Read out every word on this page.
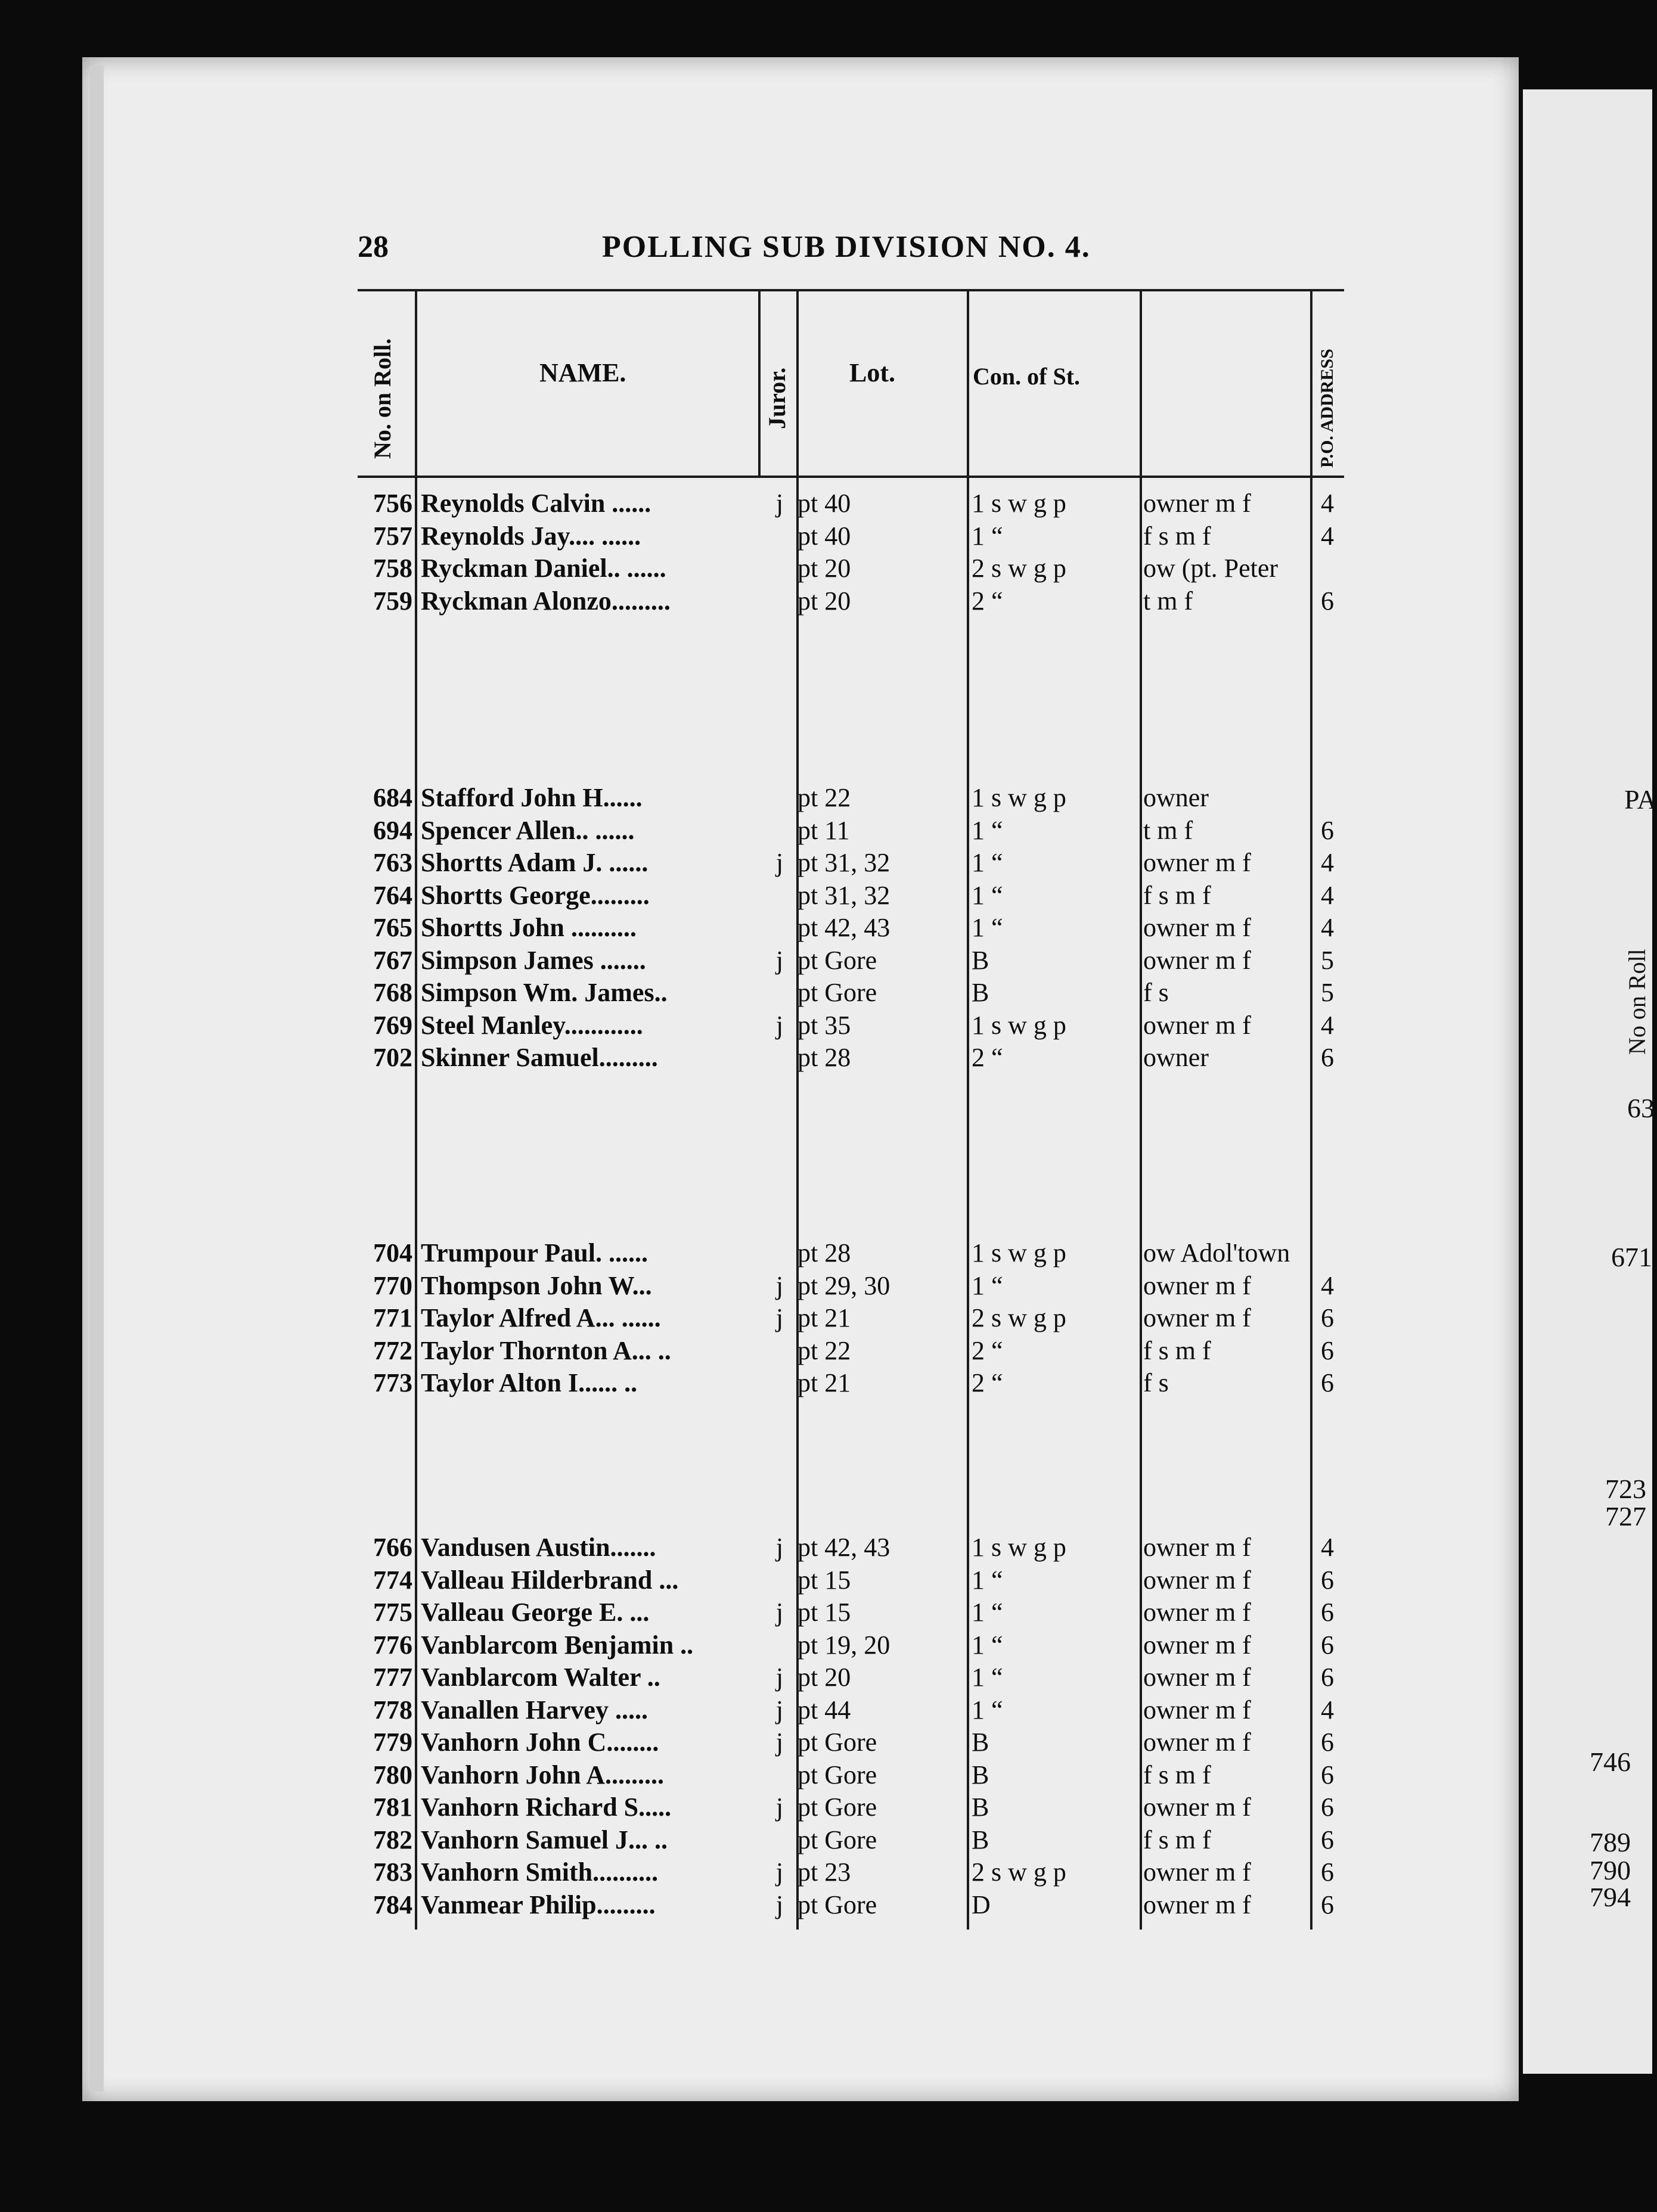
PA
No on Roll
63
671
723
727
746
789
790
794
28	POLLING SUB DIVISION NO. 4.
No. on Roll.	NAME.	Juror. Lot.	Con. of St.	P.O. ADDRESS
756 Reynolds Calvin ......	j pt 40	1 s w g p	owner m f	4
757 Reynolds Jay.... ......	pt 40	1 “	f s m f	4
758 Ryckman Daniel.. ......	pt 20	2 s w g p	ow (pt. Peter
759 Ryckman Alonzo.........	pt 20	2 “	t m f	6
684 Stafford John H......	pt 22	1 s w g p	owner
694 Spencer Allen.. ......	pt 11	1 “	t m f	6
763 Shortts Adam J. ......	j pt 31, 32	1 “	owner m f	4
764 Shortts George.........	pt 31, 32	1 “	f s m f	4
765 Shortts John ..........	pt 42, 43	1 “	owner m f	4
767 Simpson James .......	j pt Gore	B	owner m f	5
768 Simpson Wm. James..	pt Gore	B	f s	5
769 Steel Manley............	j pt 35	1 s w g p	owner m f	4
702 Skinner Samuel.........	pt 28	2 “	owner	6
704 Trumpour Paul. ......	pt 28	1 s w g p	ow Adol'town
770 Thompson John W...	j pt 29, 30	1 “	owner m f	4
771 Taylor Alfred A... ......	j pt 21	2 s w g p	owner m f	6
772 Taylor Thornton A... ..	pt 22	2 “	f s m f	6
773 Taylor Alton I...... ..	pt 21	2 “	f s	6
766 Vandusen Austin.......	j pt 42, 43	1 s w g p	owner m f	4
774 Valleau Hilderbrand ...	pt 15	1 “	owner m f	6
775 Valleau George E. ...	j pt 15	1 “	owner m f	6
776 Vanblarcom Benjamin ..	pt 19, 20	1 “	owner m f	6
777 Vanblarcom Walter ..	j pt 20	1 “	owner m f	6
778 Vanallen Harvey .....	j pt 44	1 “	owner m f	4
779 Vanhorn John C........	j pt Gore	B	owner m f	6
780 Vanhorn John A.........	pt Gore	B	f s m f	6
781 Vanhorn Richard S.....	j pt Gore	B	owner m f	6
782 Vanhorn Samuel J... ..	pt Gore	B	f s m f	6
783 Vanhorn Smith..........	j pt 23	2 s w g p	owner m f	6
784 Vanmear Philip.........	j pt Gore	D	owner m f	6
